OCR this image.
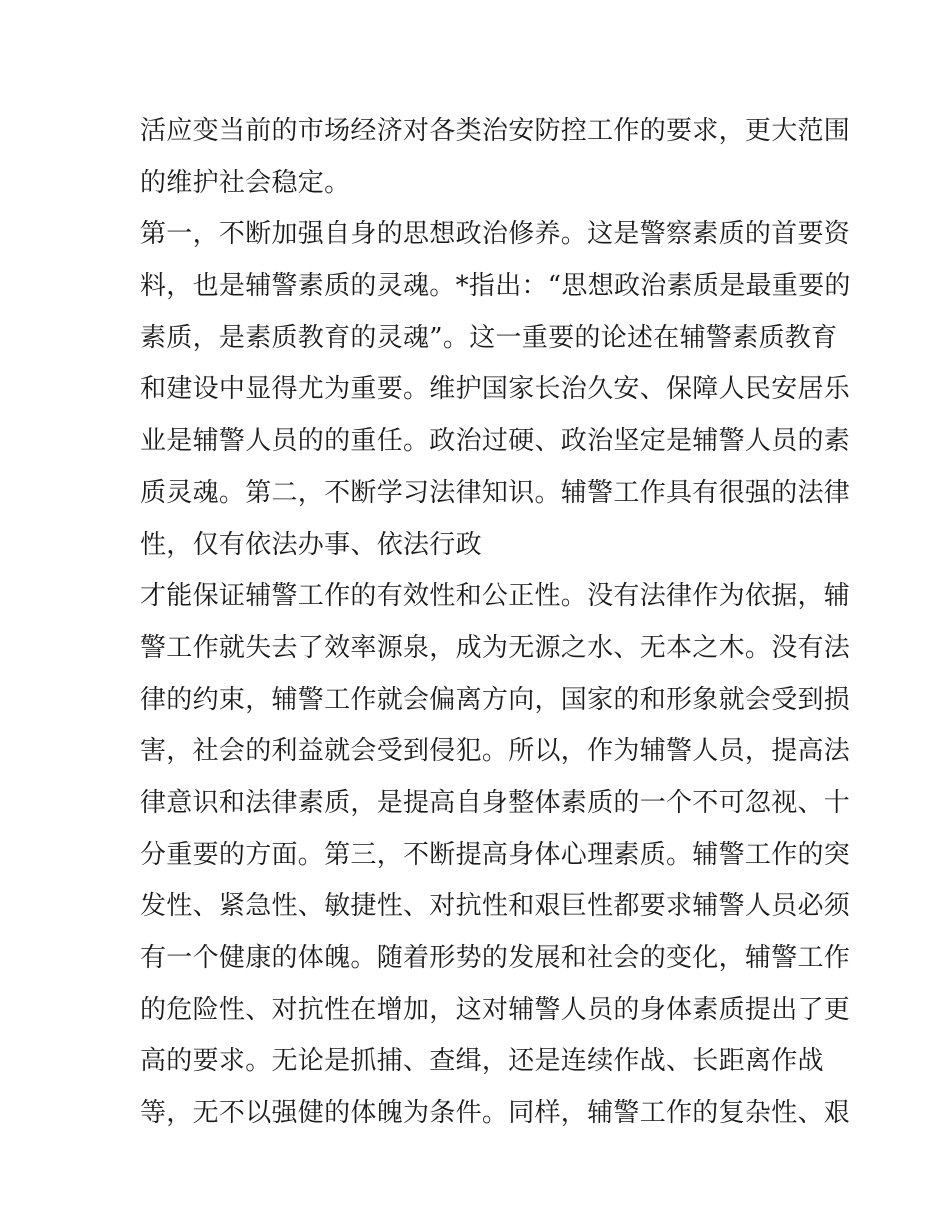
活应变当前的市场经济对各类治安防控工作的要求，更大范围
的维护社会稳定。
第一，不断加强自身的思想政治修养。这是警察素质的首要资
料，也是辅警素质的灵魂。*指出：“思想政治素质是最重要的
素质，是素质教育的灵魂”。这一重要的论述在辅警素质教育
和建设中显得尤为重要。维护国家长治久安、保障人民安居乐
业是辅警人员的的重任。政治过硬、政治坚定是辅警人员的素
质灵魂。第二，不断学习法律知识。辅警工作具有很强的法律
性，仅有依法办事、依法行政
才能保证辅警工作的有效性和公正性。没有法律作为依据，辅
警工作就失去了效率源泉，成为无源之水、无本之木。没有法
律的约束，辅警工作就会偏离方向，国家的和形象就会受到损
害，社会的利益就会受到侵犯。所以，作为辅警人员，提高法
律意识和法律素质，是提高自身整体素质的一个不可忽视、十
分重要的方面。第三，不断提高身体心理素质。辅警工作的突
发性、紧急性、敏捷性、对抗性和艰巨性都要求辅警人员必须
有一个健康的体魄。随着形势的发展和社会的变化，辅警工作
的危险性、对抗性在增加，这对辅警人员的身体素质提出了更
高的要求。无论是抓捕、查缉，还是连续作战、长距离作战
等，无不以强健的体魄为条件。同样，辅警工作的复杂性、艰
